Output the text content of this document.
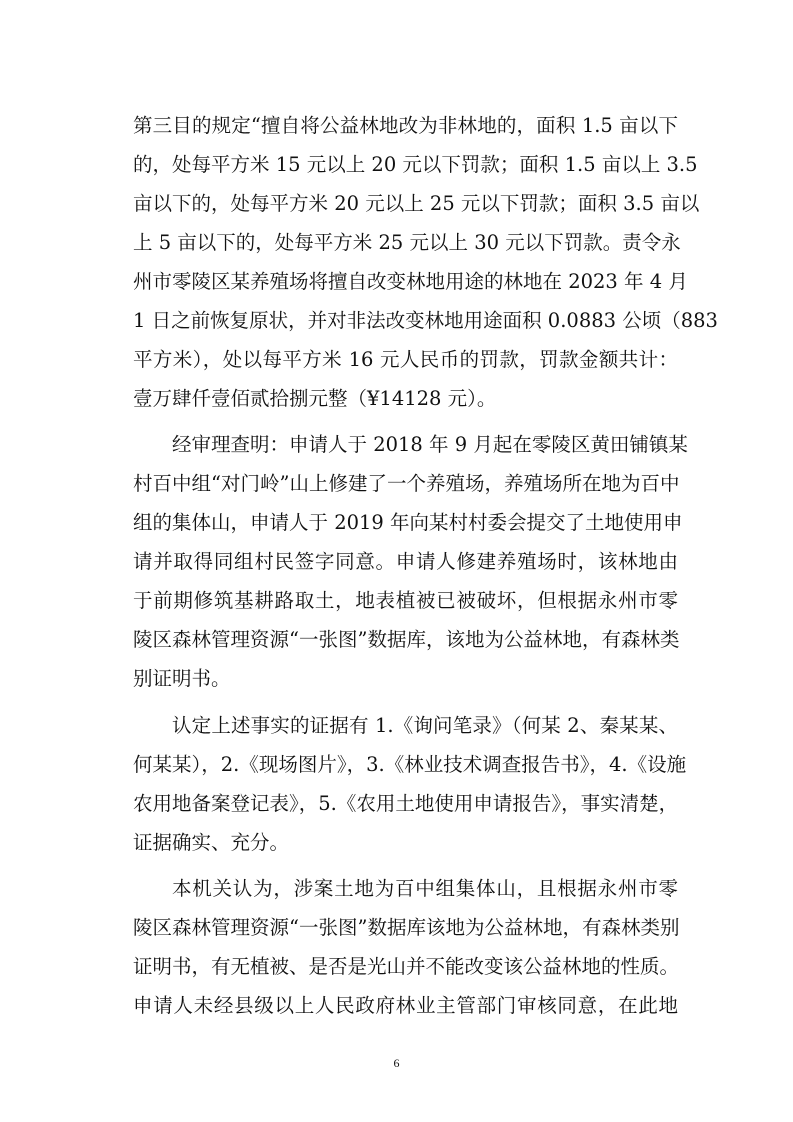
第三目的规定“擅自将公益林地改为非林地的，面积 1.5 亩以下
的，处每平方米 15 元以上 20 元以下罚款；面积 1.5 亩以上 3.5
亩以下的，处每平方米 20 元以上 25 元以下罚款；面积 3.5 亩以
上 5 亩以下的，处每平方米 25 元以上 30 元以下罚款。责令永
州市零陵区某养殖场将擅自改变林地用途的林地在 2023 年 4 月
1 日之前恢复原状，并对非法改变林地用途面积 0.0883 公顷（883
平方米），处以每平方米 16 元人民币的罚款，罚款金额共计：
壹万肆仟壹佰贰拾捌元整（¥14128 元）。
经审理查明：申请人于 2018 年 9 月起在零陵区黄田铺镇某
村百中组“对门岭”山上修建了一个养殖场，养殖场所在地为百中
组的集体山，申请人于 2019 年向某村村委会提交了土地使用申
请并取得同组村民签字同意。申请人修建养殖场时，该林地由
于前期修筑基耕路取土，地表植被已被破坏，但根据永州市零
陵区森林管理资源“一张图”数据库，该地为公益林地，有森林类
别证明书。
认定上述事实的证据有 1.《询问笔录》（何某 2、秦某某、
何某某），2.《现场图片》，3.《林业技术调查报告书》，4.《设施
农用地备案登记表》，5.《农用土地使用申请报告》，事实清楚，
证据确实、充分。
本机关认为，涉案土地为百中组集体山，且根据永州市零
陵区森林管理资源“一张图”数据库该地为公益林地，有森林类别
证明书，有无植被、是否是光山并不能改变该公益林地的性质。
申请人未经县级以上人民政府林业主管部门审核同意，在此地
6
